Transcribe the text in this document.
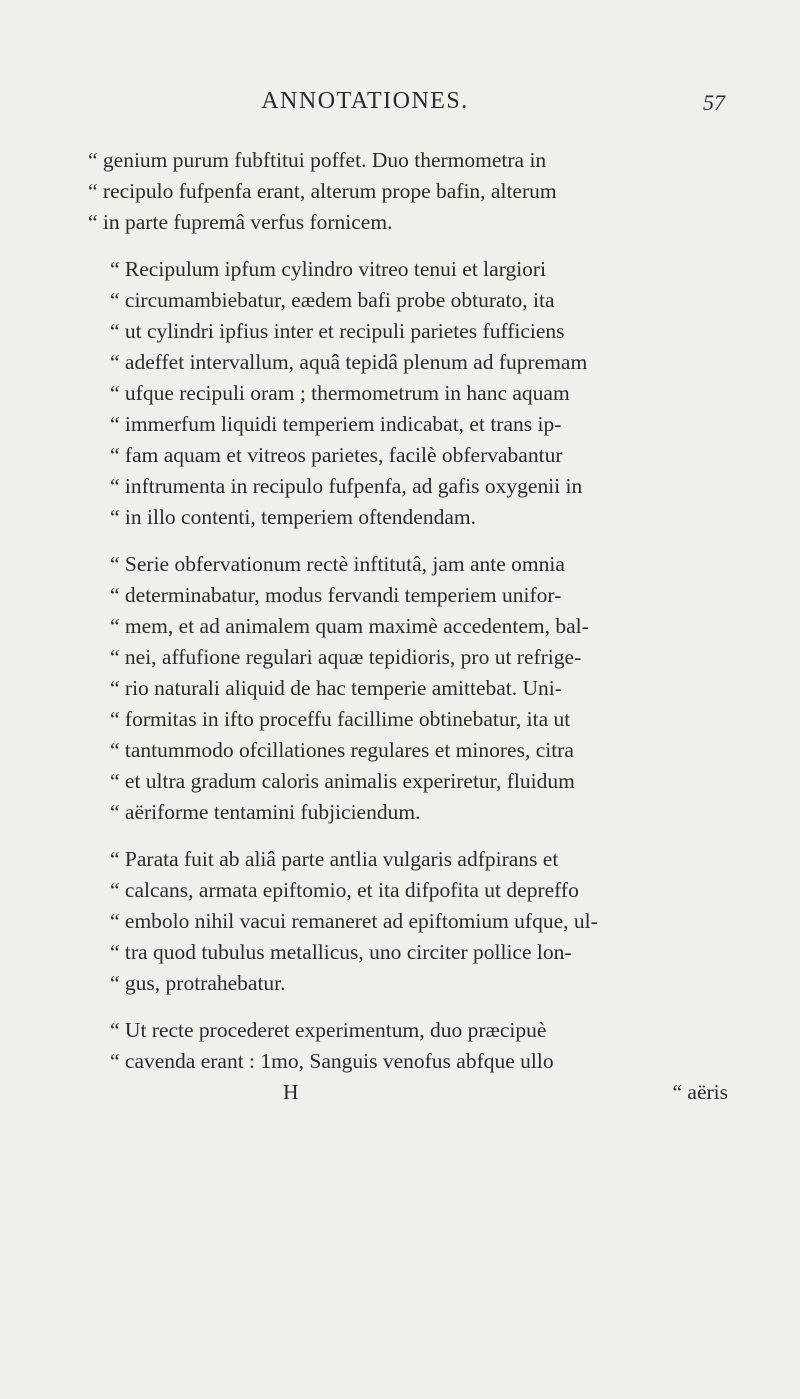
ANNOTATIONES.	57
“ genium purum fubftitui poffet. Duo thermometra in
“ recipulo fufpenfa erant, alterum prope bafin, alterum
“ in parte fupremâ verfus fornicem.
“ Recipulum ipfum cylindro vitreo tenui et largiori
“ circumambiebatur, eædem bafi probe obturato, ita
“ ut cylindri ipfius inter et recipuli parietes fufficiens
“ adeffet intervallum, aquâ tepidâ plenum ad fupremam
“ ufque recipuli oram ; thermometrum in hanc aquam
“ immerfum liquidi temperiem indicabat, et trans ip-
“ fam aquam et vitreos parietes, facilè obfervabantur
“ inftrumenta in recipulo fufpenfa, ad gafis oxygenii in
“ in illo contenti, temperiem oftendendam.
“ Serie obfervationum rectè inftitutâ, jam ante omnia
“ determinabatur, modus fervandi temperiem unifor-
“ mem, et ad animalem quam maximè accedentem, bal-
“ nei, affufione regulari aquæ tepidioris, pro ut refrige-
“ rio naturali aliquid de hac temperie amittebat. Uni-
“ formitas in ifto proceffu facillime obtinebatur, ita ut
“ tantummodo ofcillationes regulares et minores, citra
“ et ultra gradum caloris animalis experiretur, fluidum
“ aëriforme tentamini fubjiciendum.
“ Parata fuit ab aliâ parte antlia vulgaris adfpirans et
“ calcans, armata epiftomio, et ita difpofita ut depreffo
“ embolo nihil vacui remaneret ad epiftomium ufque, ul-
“ tra quod tubulus metallicus, uno circiter pollice lon-
“ gus, protrahebatur.
“ Ut recte procederet experimentum, duo præcipuè
“ cavenda erant : 1mo, Sanguis venofus abfque ullo
H	“ aëris
